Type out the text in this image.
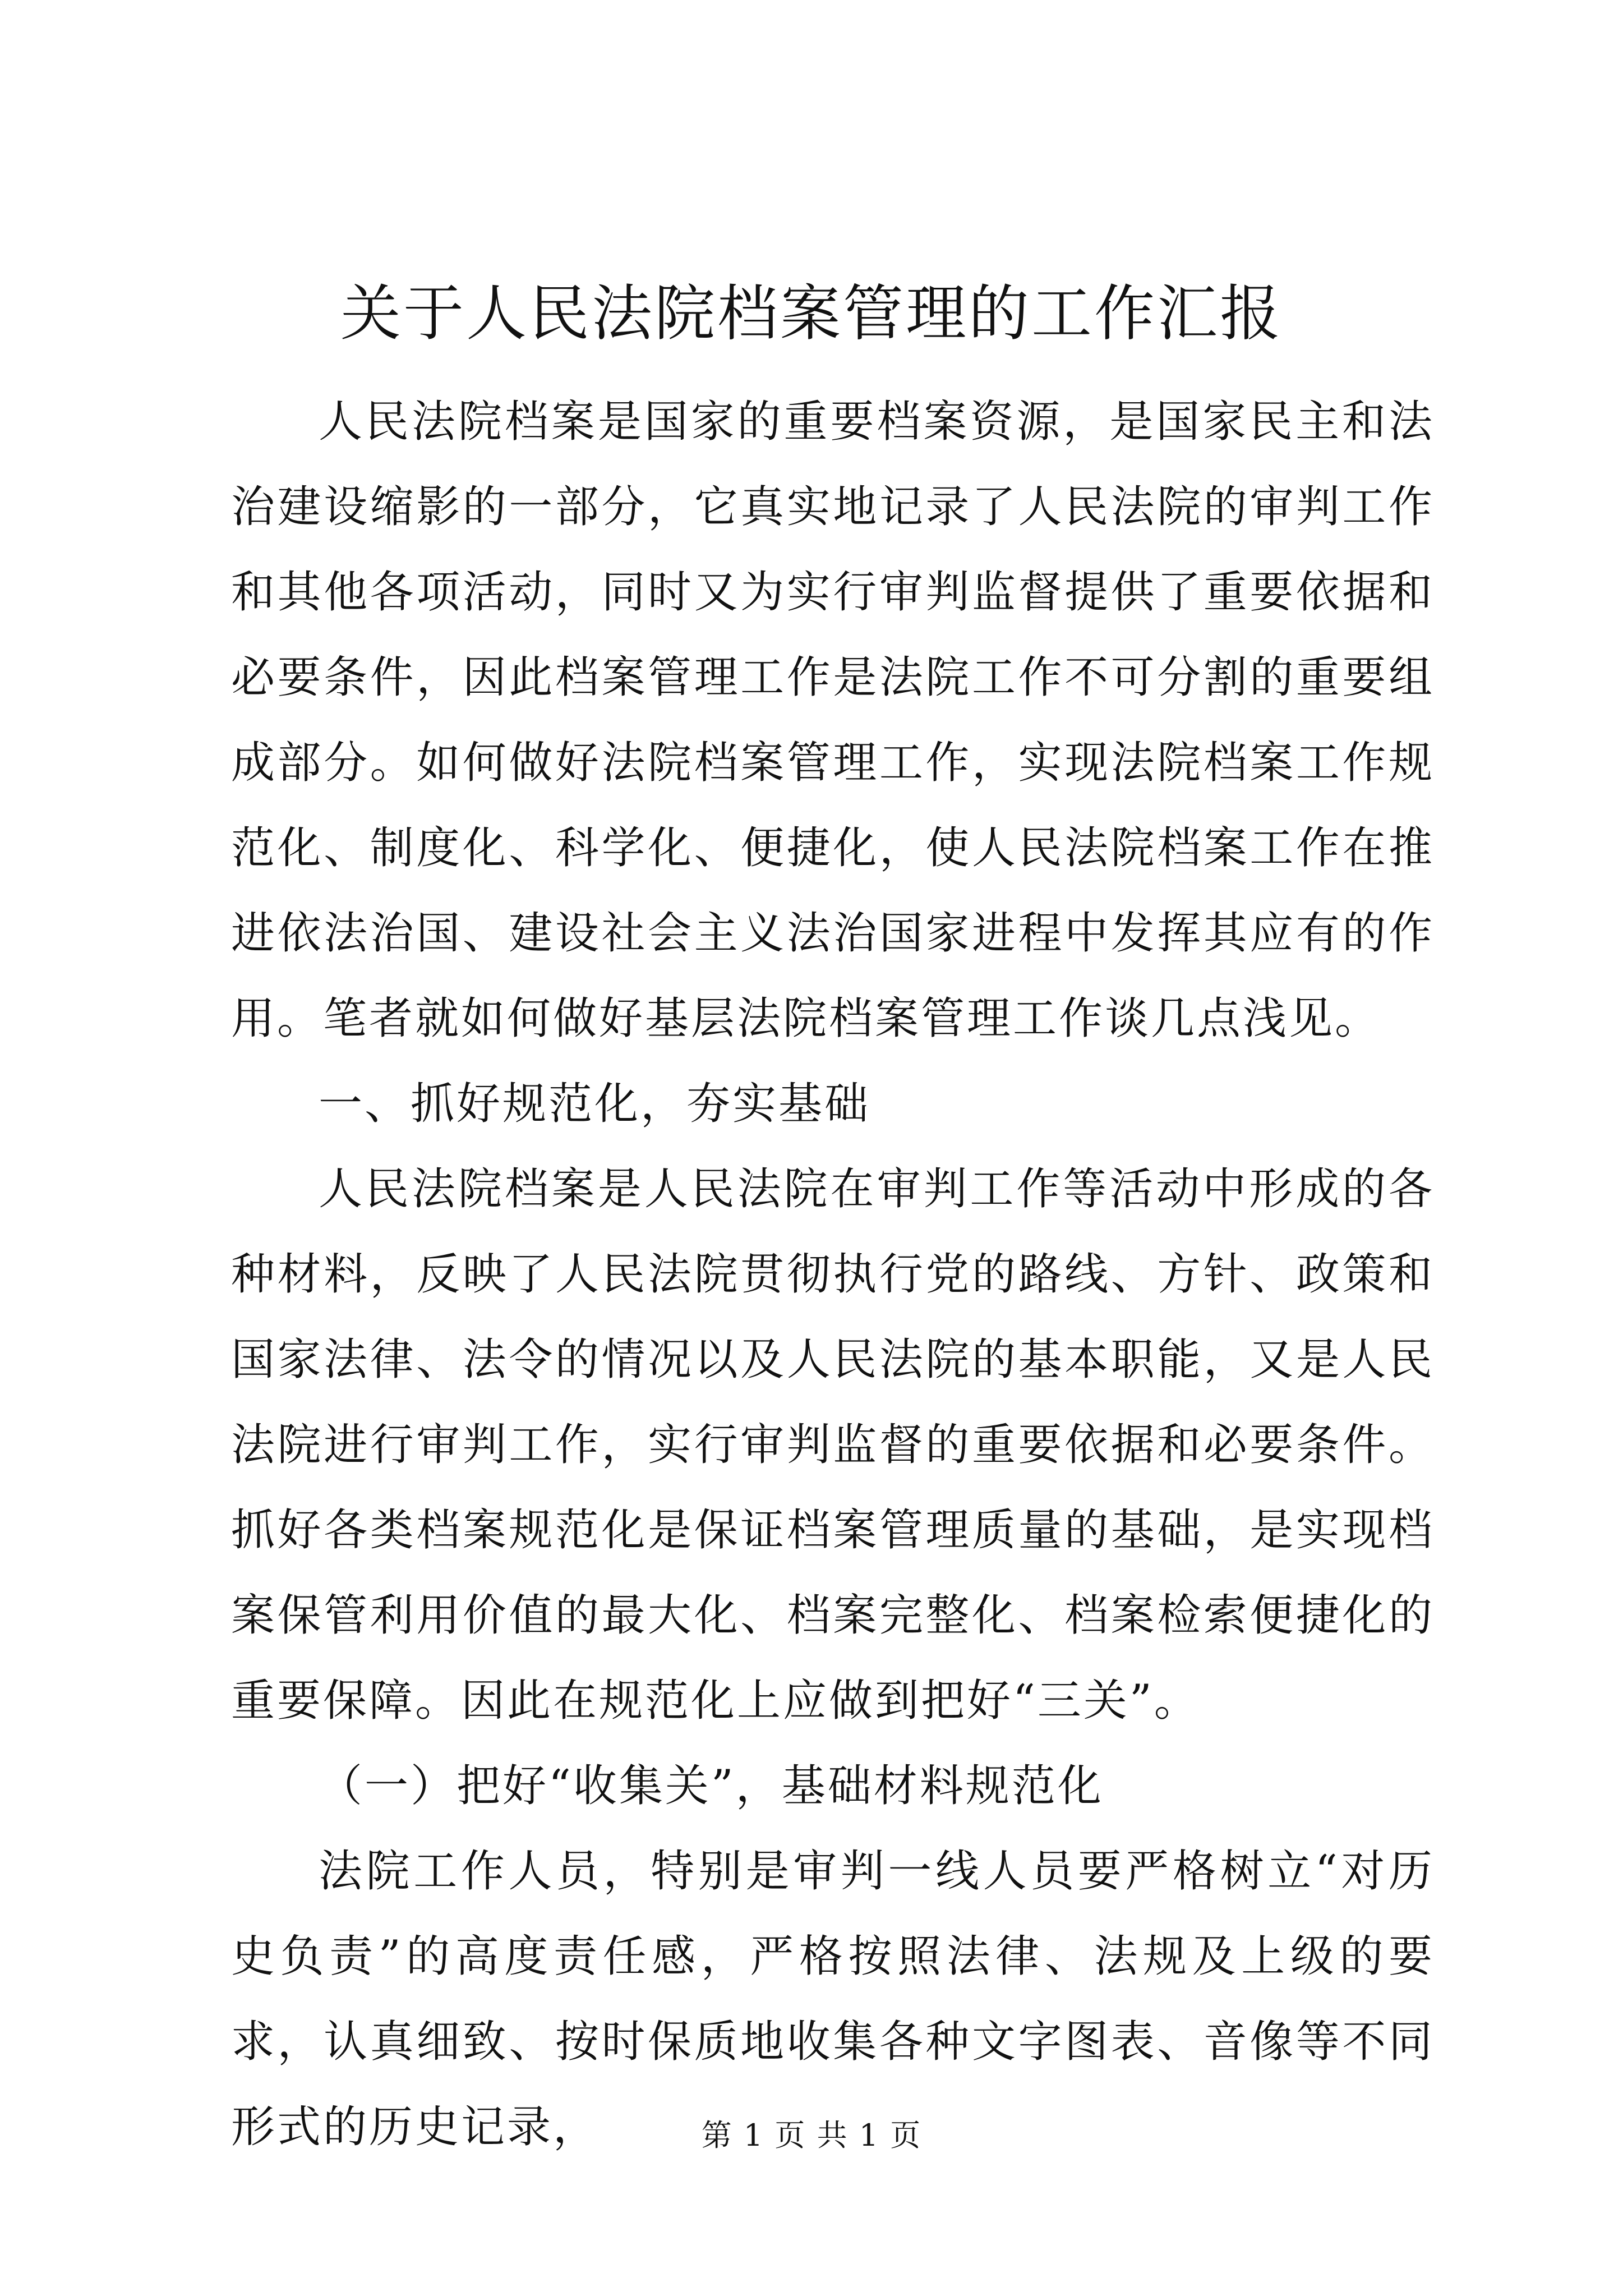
关于人民法院档案管理的工作汇报

人民法院档案是国家的重要档案资源，是国家民主和法治建设缩影的一部分，它真实地记录了人民法院的审判工作和其他各项活动，同时又为实行审判监督提供了重要依据和必要条件，因此档案管理工作是法院工作不可分割的重要组成部分。如何做好法院档案管理工作，实现法院档案工作规范化、制度化、科学化、便捷化，使人民法院档案工作在推进依法治国、建设社会主义法治国家进程中发挥其应有的作用。笔者就如何做好基层法院档案管理工作谈几点浅见。

一、抓好规范化，夯实基础

人民法院档案是人民法院在审判工作等活动中形成的各种材料，反映了人民法院贯彻执行党的路线、方针、政策和国家法律、法令的情况以及人民法院的基本职能，又是人民法院进行审判工作，实行审判监督的重要依据和必要条件。抓好各类档案规范化是保证档案管理质量的基础，是实现档案保管利用价值的最大化、档案完整化、档案检索便捷化的重要保障。因此在规范化上应做到把好“三关”。

（一）把好“收集关”，基础材料规范化

法院工作人员，特别是审判一线人员要严格树立“对历史负责”的高度责任感，严格按照法律、法规及上级的要求，认真细致、按时保质地收集各种文字图表、音像等不同形式的历史记录，	第 1 页 共 1 页
